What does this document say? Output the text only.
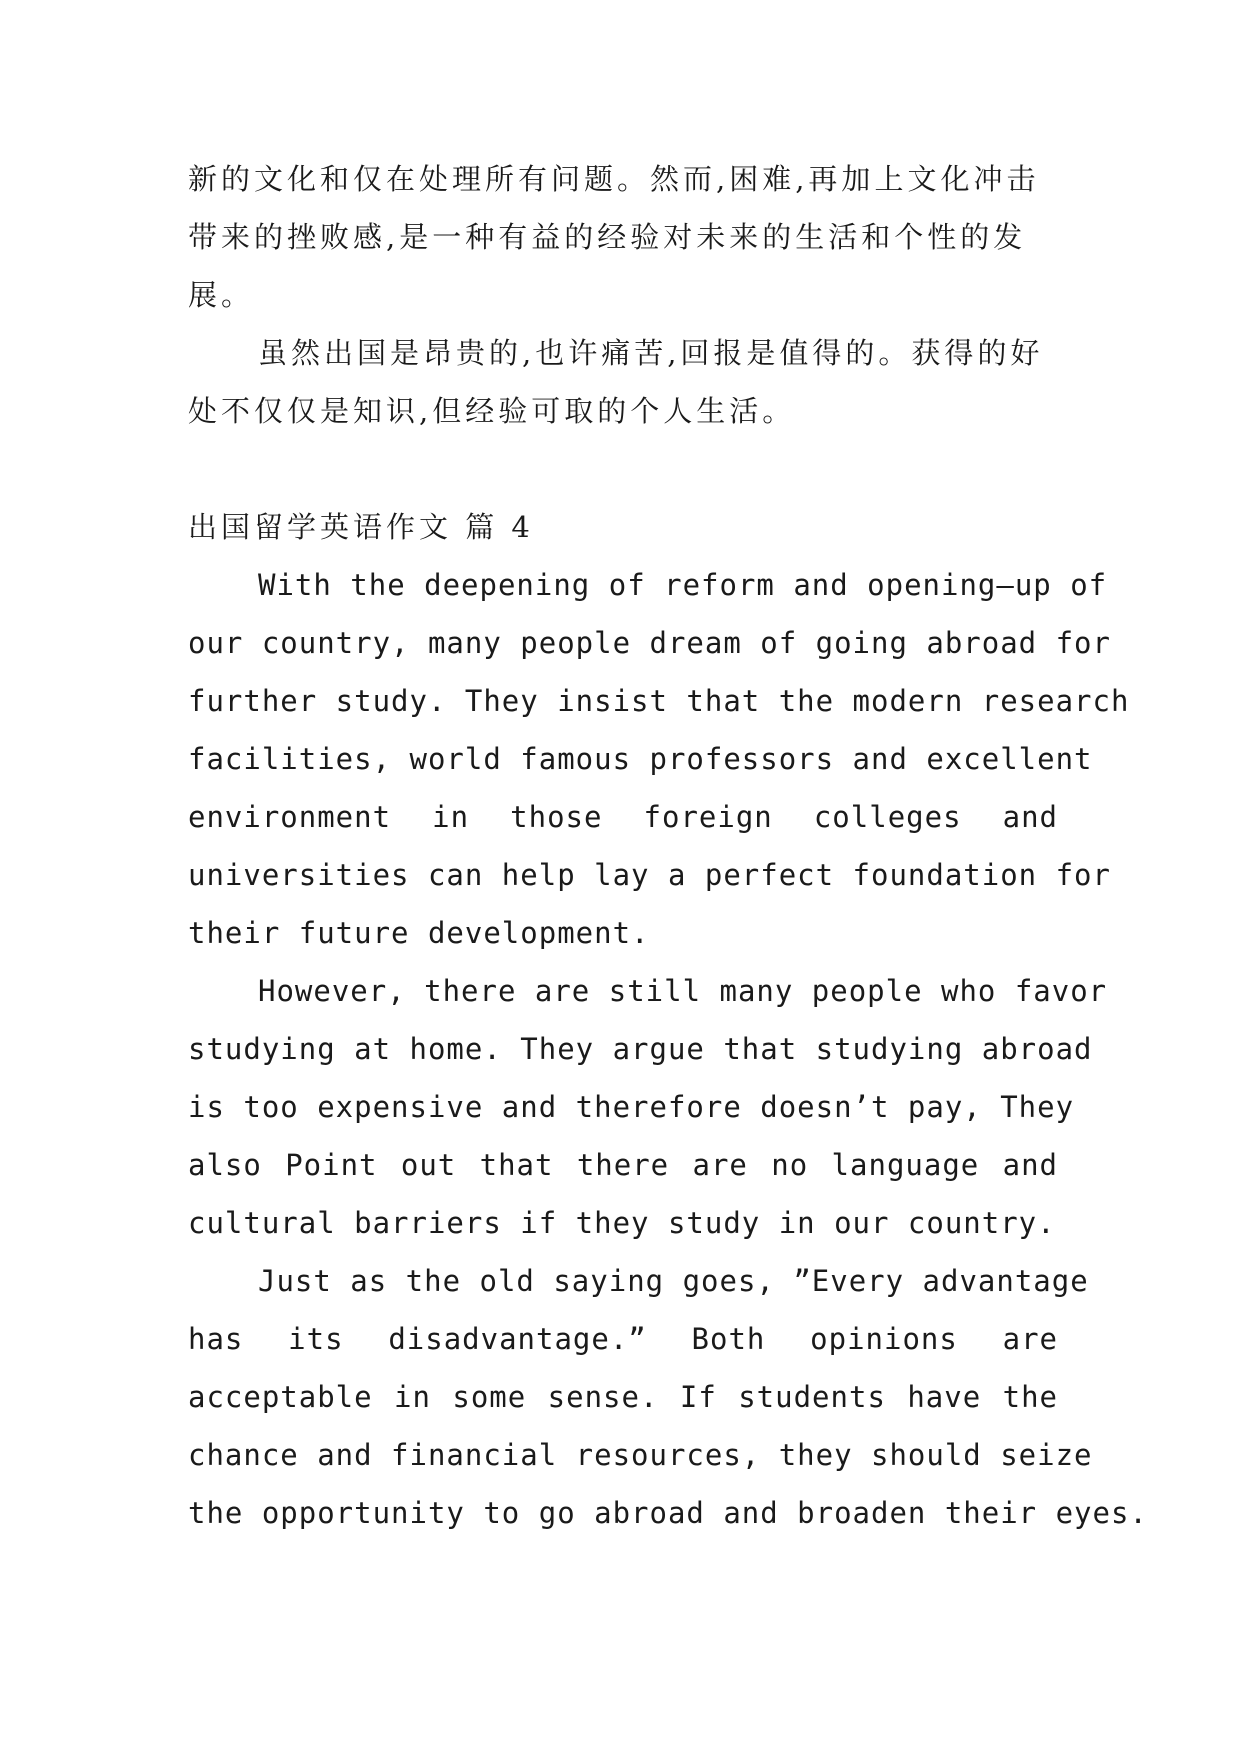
新的文化和仅在处理所有问题。然而,困难,再加上文化冲击
带来的挫败感,是一种有益的经验对未来的生活和个性的发
展。
虽然出国是昂贵的,也许痛苦,回报是值得的。获得的好
处不仅仅是知识,但经验可取的个人生活。
出国留学英语作文 篇 4
With the deepening of reform and opening—up of
our country, many people dream of going abroad for
further study. They insist that the modern research
facilities, world famous professors and excellent
environment in those foreign colleges and
universities can help lay a perfect foundation for
their future development.
However, there are still many people who favor
studying at home. They argue that studying abroad
is too expensive and therefore doesn’t pay, They
also Point out that there are no language and
cultural barriers if they study in our country.
Just as the old saying goes, ”Every advantage
has its disadvantage.” Both opinions are
acceptable in some sense. If students have the
chance and financial resources, they should seize
the opportunity to go abroad and broaden their eyes.
